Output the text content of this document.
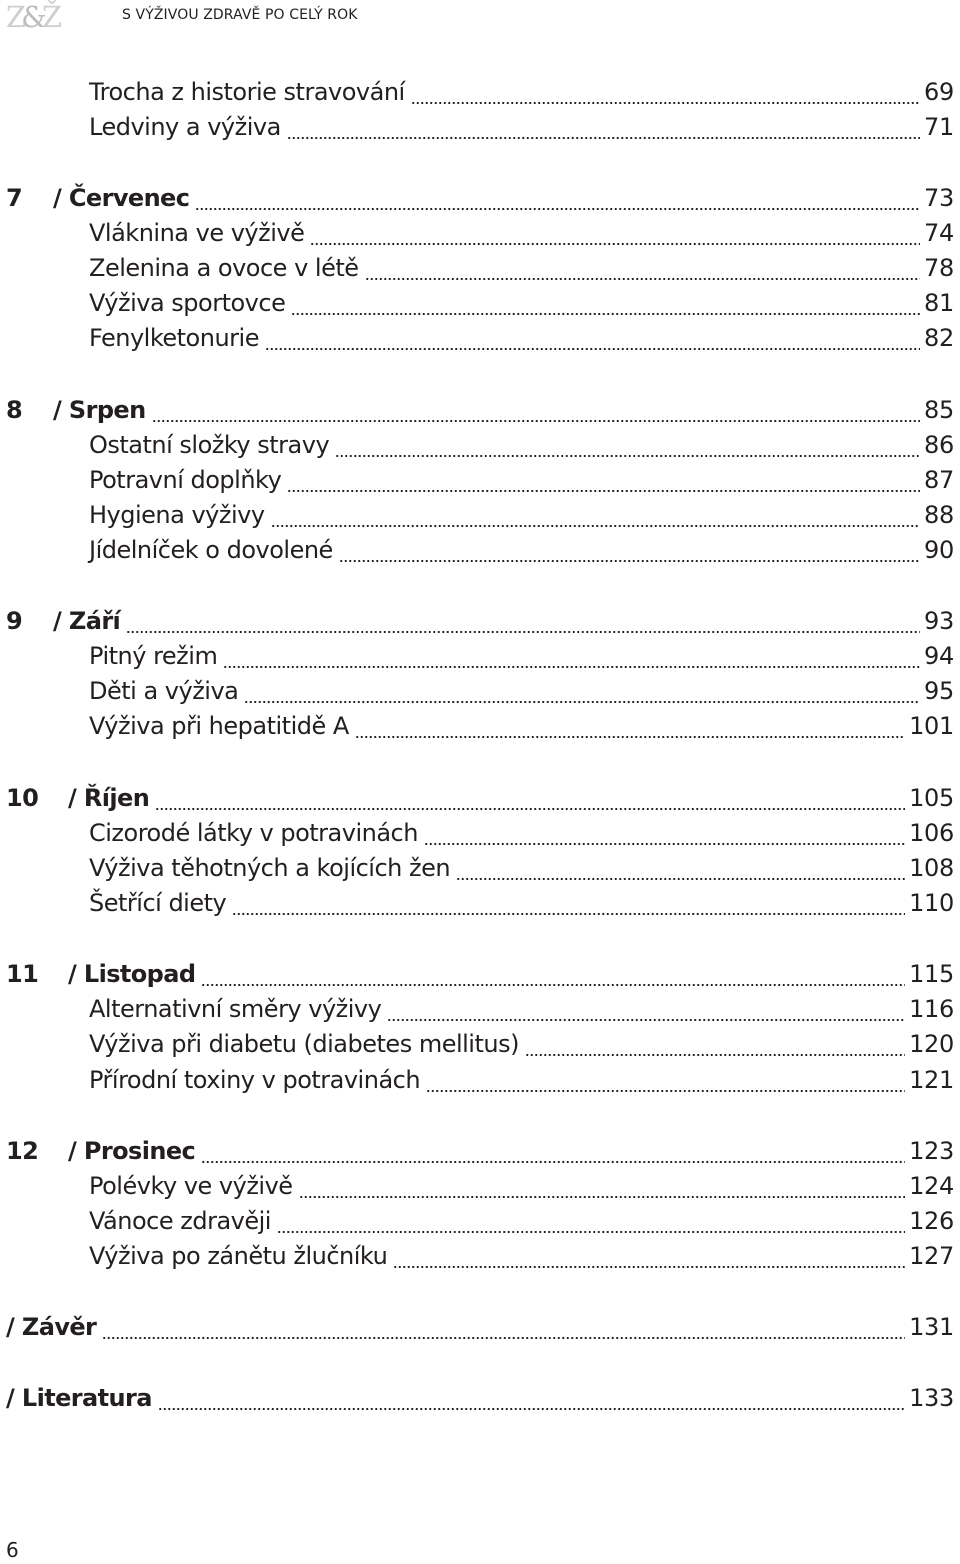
Z&Ž	S VÝŽIVOU ZDRAVĚ PO CELÝ ROK
Trocha z historie stravování	69
Ledviny a výživa	71
7	/ Červenec	73
Vláknina ve výživě	74
Zelenina a ovoce v létě	78
Výživa sportovce	81
Fenylketonurie	82
8	/ Srpen	85
Ostatní složky stravy	86
Potravní doplňky	87
Hygiena výživy	88
Jídelníček o dovolené	90
9	/ Září	93
Pitný režim	94
Děti a výživa	95
Výživa při hepatitidě A	101
10	/ Říjen	105
Cizorodé látky v potravinách	106
Výživa těhotných a kojících žen	108
Šetřící diety	110
11	/ Listopad	115
Alternativní směry výživy	116
Výživa při diabetu (diabetes mellitus)	120
Přírodní toxiny v potravinách	121
12	/ Prosinec	123
Polévky ve výživě	124
Vánoce zdravěji	126
Výživa po zánětu žlučníku	127
/ Závěr	131
/ Literatura	133
6
